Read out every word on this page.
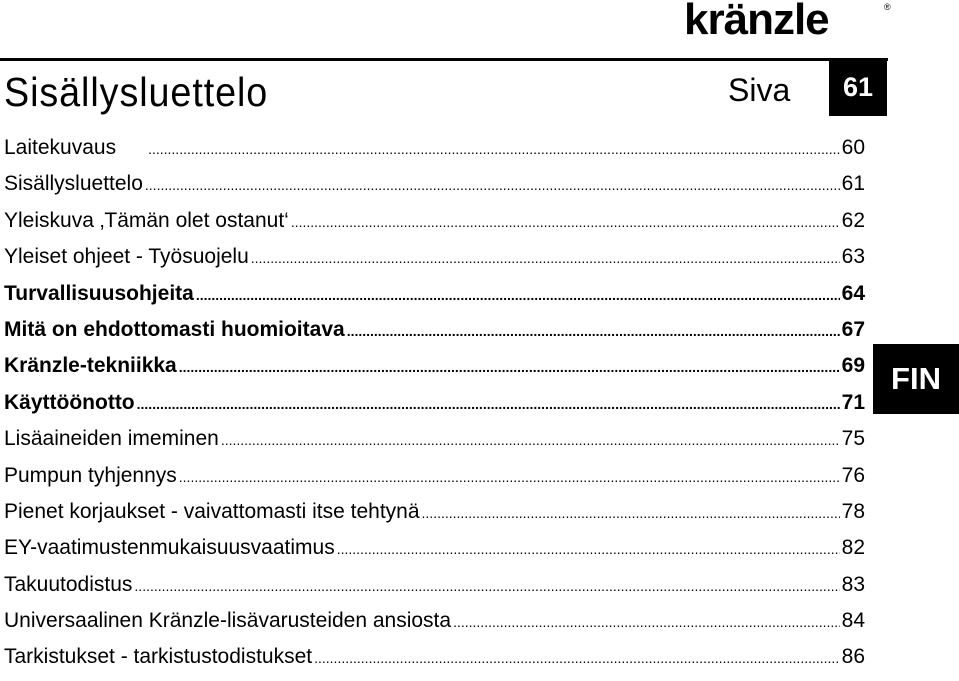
kränzle	®
Sisällysluettelo	Siva 61
FIN
Laitekuvaus .....	60
Sisällysluettelo .....	61
Yleiskuva ‚Tämän olet ostanut‘ .....	62
Yleiset ohjeet - Työsuojelu .....	63
Turvallisuusohjeita .....	64
Mitä on ehdottomasti huomioitava .....	67
Kränzle-tekniikka .....	69
Käyttöönotto .....	71
Lisäaineiden imeminen .....	75
Pumpun tyhjennys .....	76
Pienet korjaukset - vaivattomasti itse tehtynä .....	78
EY-vaatimustenmukaisuusvaatimus .....	82
Takuutodistus .....	83
Universaalinen Kränzle-lisävarusteiden ansiosta .....	84
Tarkistukset - tarkistustodistukset .....	86
